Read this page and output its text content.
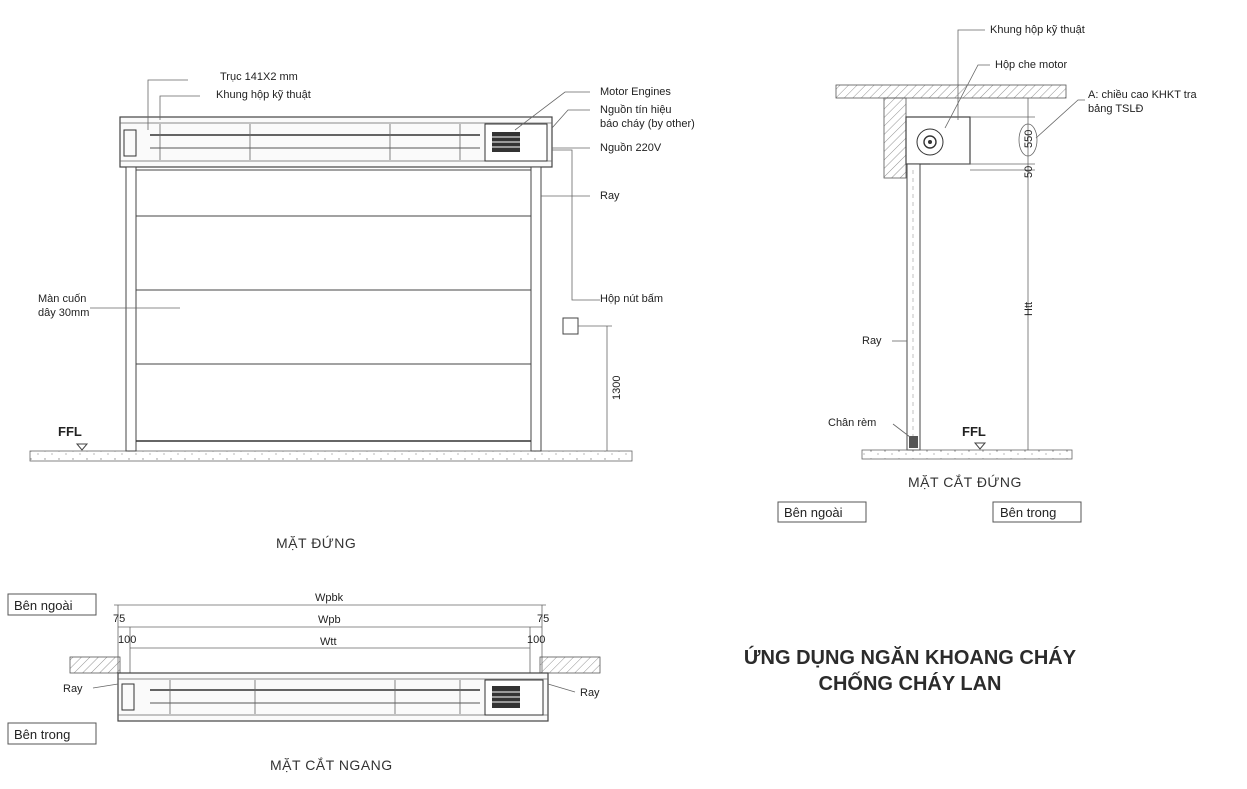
FFL
Trục 141X2 mm
Khung hộp kỹ thuật	Motor Engines
Nguồn tín hiệu
báo cháy (by other)
Nguồn 220V
Ray
Màn cuốn
dây 30mm
Hộp nút bấm
1300
MẶT ĐỨNG
FFL
550
50
Htt
Khung hộp kỹ thuật
Hộp che motor
A: chiều cao KHKT tra
bảng TSLĐ
Ray
Chân rèm
MẶT CẮT ĐỨNG
Bên ngoài	Bên trong
Bên ngoài	Wpbk
Wpb
Wtt
75	75
100	100
Ray	Ray
Bên trong
MẶT CẮT NGANG
ỨNG DỤNG NGĂN KHOANG CHÁY
CHỐNG CHÁY LAN
